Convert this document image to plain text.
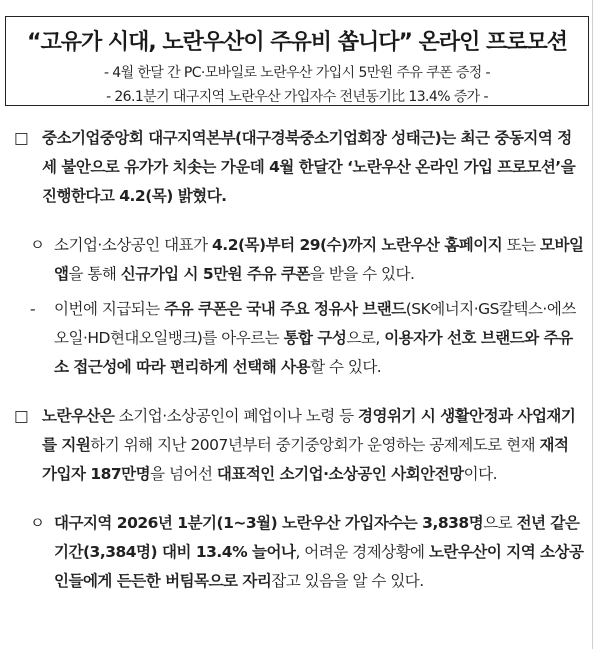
“고유가 시대, 노란우산이 주유비 쏩니다” 온라인 프로모션
- 4월 한달 간 PC·모바일로 노란우산 가입시 5만원 주유 쿠폰 증정 -
- 26.1분기 대구지역 노란우산 가입자수 전년동기比 13.4% 증가 -

□ 중소기업중앙회 대구지역본부(대구경북중소기업회장 성태근)는 최근 중동지역 정세 불안으로 유가가 치솟는 가운데 4월 한달간 ‘노란우산 온라인 가입 프로모션’을 진행한다고 4.2(목) 밝혔다.

ㅇ 소기업·소상공인 대표가 4.2(목)부터 29(수)까지 노란우산 홈페이지 또는 모바일 앱을 통해 신규가입 시 5만원 주유 쿠폰을 받을 수 있다.

- 이번에 지급되는 주유 쿠폰은 국내 주요 정유사 브랜드(SK에너지·GS칼텍스·에쓰오일·HD현대오일뱅크)를 아우르는 통합 구성으로, 이용자가 선호 브랜드와 주유소 접근성에 따라 편리하게 선택해 사용할 수 있다.

□ 노란우산은 소기업·소상공인이 폐업이나 노령 등 경영위기 시 생활안정과 사업재기를 지원하기 위해 지난 2007년부터 중기중앙회가 운영하는 공제제도로 현재 재적 가입자 187만명을 넘어선 대표적인 소기업·소상공인 사회안전망이다.

ㅇ 대구지역 2026년 1분기(1~3월) 노란우산 가입자수는 3,838명으로 전년 같은 기간(3,384명) 대비 13.4% 늘어나, 어려운 경제상황에 노란우산이 지역 소상공인들에게 든든한 버팀목으로 자리잡고 있음을 알 수 있다.
